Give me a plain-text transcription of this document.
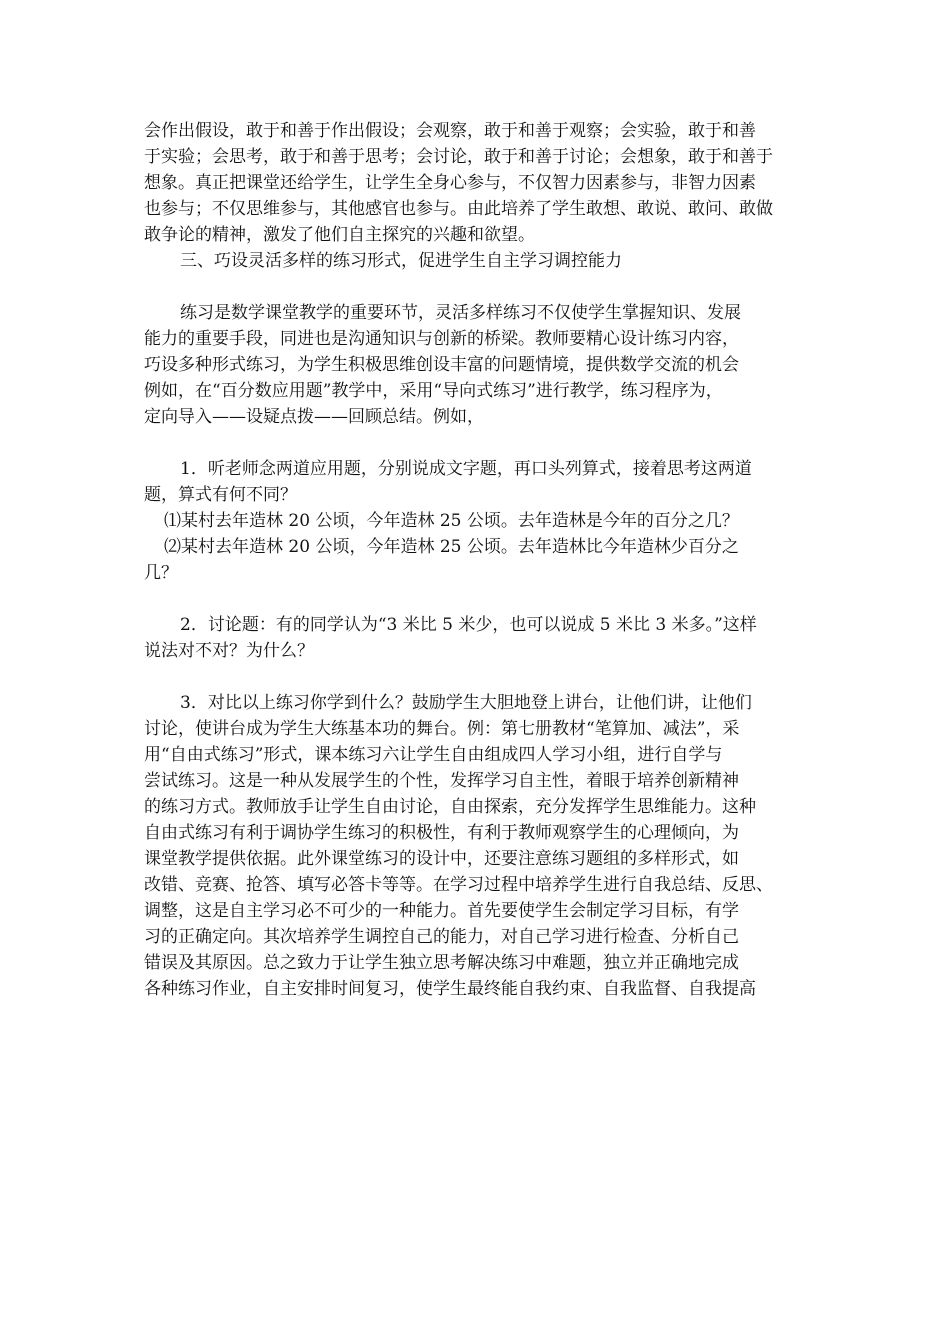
会作出假设，敢于和善于作出假设；会观察，敢于和善于观察；会实验，敢于和善
于实验；会思考，敢于和善于思考；会讨论，敢于和善于讨论；会想象，敢于和善于
想象。真正把课堂还给学生，让学生全身心参与，不仅智力因素参与，非智力因素
也参与；不仅思维参与，其他感官也参与。由此培养了学生敢想、敢说、敢问、敢做
敢争论的精神，激发了他们自主探究的兴趣和欲望。
三、巧设灵活多样的练习形式，促进学生自主学习调控能力
练习是数学课堂教学的重要环节，灵活多样练习不仅使学生掌握知识、发展
能力的重要手段，同进也是沟通知识与创新的桥梁。教师要精心设计练习内容，
巧设多种形式练习，为学生积极思维创设丰富的问题情境，提供数学交流的机会
例如，在“百分数应用题”教学中，采用“导向式练习”进行教学，练习程序为，
定向导入——设疑点拨——回顾总结。例如，
1．听老师念两道应用题，分别说成文字题，再口头列算式，接着思考这两道
题，算式有何不同？
⑴某村去年造林 20 公顷，今年造林 25 公顷。去年造林是今年的百分之几？
⑵某村去年造林 20 公顷，今年造林 25 公顷。去年造林比今年造林少百分之
几？
2．讨论题：有的同学认为“3 米比 5 米少，也可以说成 5 米比 3 米多。”这样
说法对不对？为什么？
3．对比以上练习你学到什么？鼓励学生大胆地登上讲台，让他们讲，让他们
讨论，使讲台成为学生大练基本功的舞台。例：第七册教材“笔算加、减法”，采
用“自由式练习”形式，课本练习六让学生自由组成四人学习小组，进行自学与
尝试练习。这是一种从发展学生的个性，发挥学习自主性，着眼于培养创新精神
的练习方式。教师放手让学生自由讨论，自由探索，充分发挥学生思维能力。这种
自由式练习有利于调协学生练习的积极性，有利于教师观察学生的心理倾向，为
课堂教学提供依据。此外课堂练习的设计中，还要注意练习题组的多样形式，如
改错、竞赛、抢答、填写必答卡等等。在学习过程中培养学生进行自我总结、反思、
调整，这是自主学习必不可少的一种能力。首先要使学生会制定学习目标，有学
习的正确定向。其次培养学生调控自己的能力，对自己学习进行检查、分析自己
错误及其原因。总之致力于让学生独立思考解决练习中难题，独立并正确地完成
各种练习作业，自主安排时间复习，使学生最终能自我约束、自我监督、自我提高
